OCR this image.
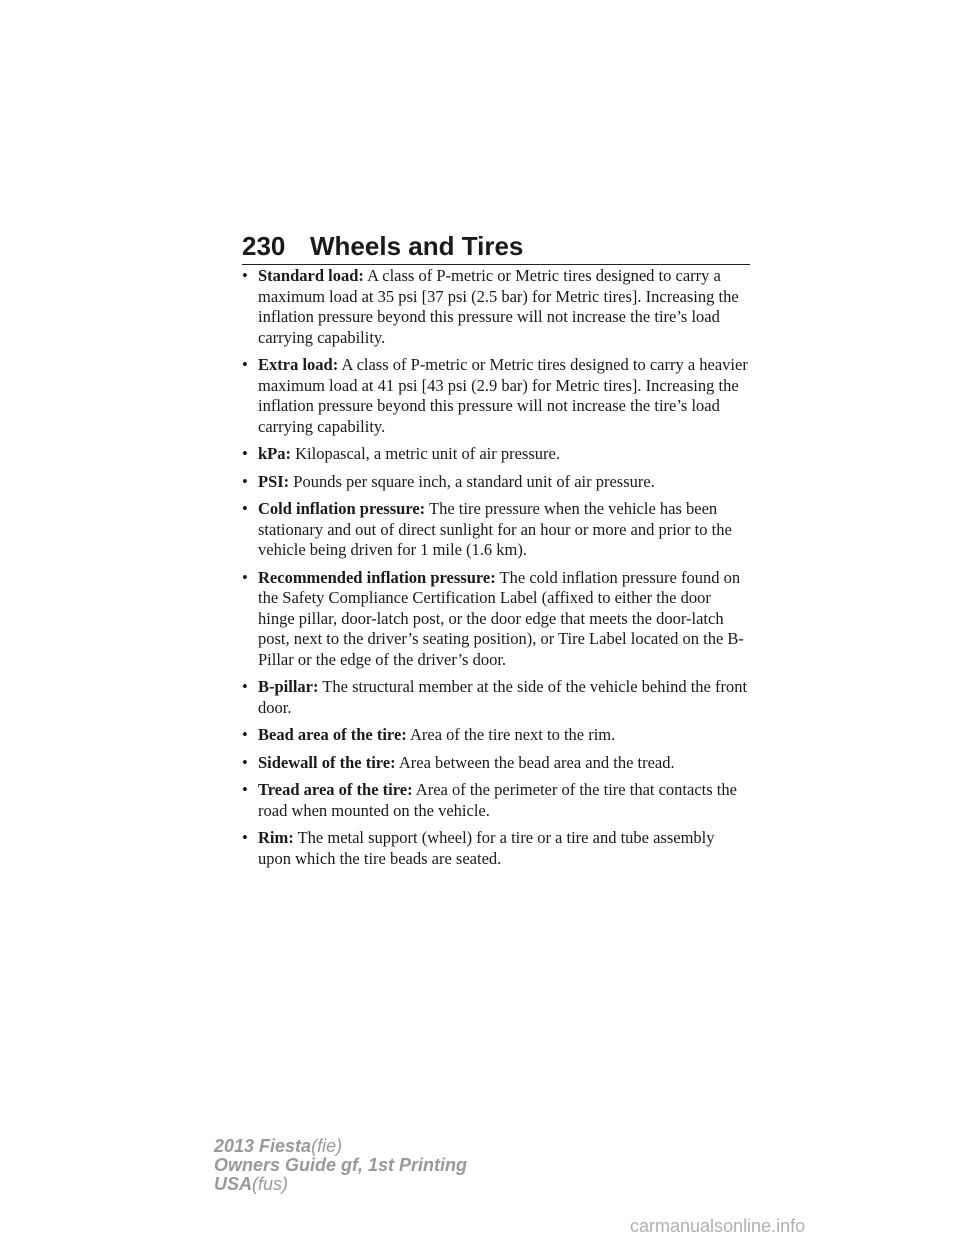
230 Wheels and Tires
• Standard load: A class of P-metric or Metric tires designed to carry a maximum load at 35 psi [37 psi (2.5 bar) for Metric tires]. Increasing the inflation pressure beyond this pressure will not increase the tire’s load carrying capability.
• Extra load: A class of P-metric or Metric tires designed to carry a heavier maximum load at 41 psi [43 psi (2.9 bar) for Metric tires]. Increasing the inflation pressure beyond this pressure will not increase the tire’s load carrying capability.
• kPa: Kilopascal, a metric unit of air pressure.
• PSI: Pounds per square inch, a standard unit of air pressure.
• Cold inflation pressure: The tire pressure when the vehicle has been stationary and out of direct sunlight for an hour or more and prior to the vehicle being driven for 1 mile (1.6 km).
• Recommended inflation pressure: The cold inflation pressure found on the Safety Compliance Certification Label (affixed to either the door hinge pillar, door-latch post, or the door edge that meets the door-latch post, next to the driver’s seating position), or Tire Label located on the B-Pillar or the edge of the driver’s door.
• B-pillar: The structural member at the side of the vehicle behind the front door.
• Bead area of the tire: Area of the tire next to the rim.
• Sidewall of the tire: Area between the bead area and the tread.
• Tread area of the tire: Area of the perimeter of the tire that contacts the road when mounted on the vehicle.
• Rim: The metal support (wheel) for a tire or a tire and tube assembly upon which the tire beads are seated.
2013 Fiesta(fie)
Owners Guide gf, 1st Printing
USA(fus)
carmanualsonline.info
